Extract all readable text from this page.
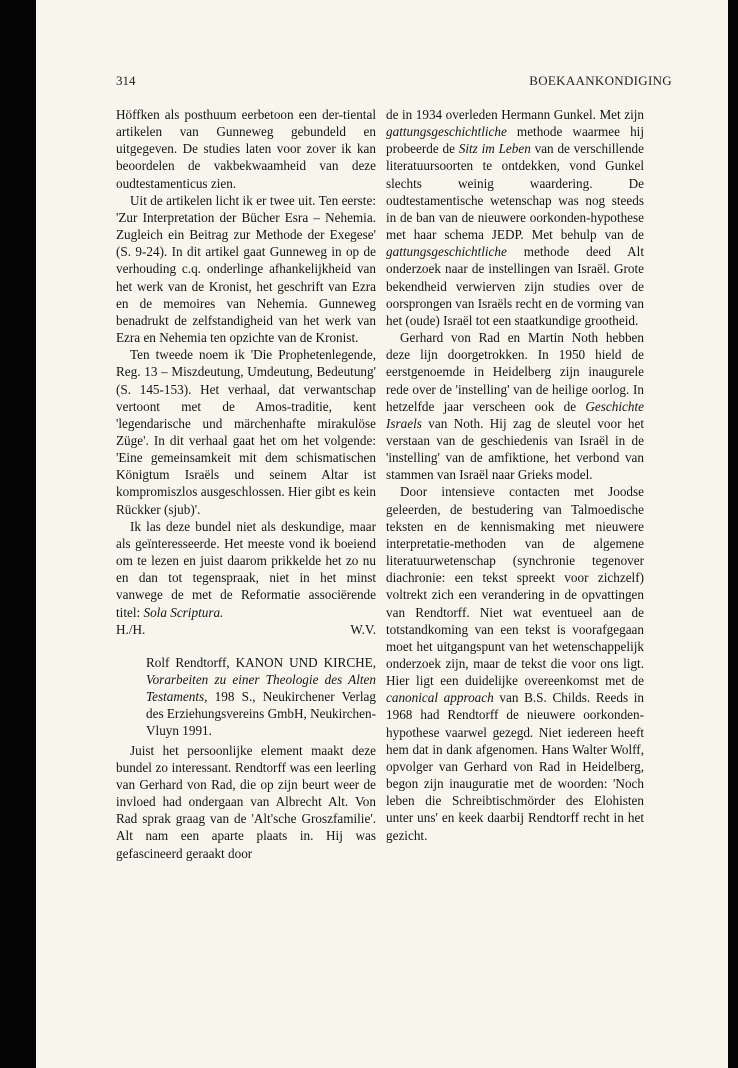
314	BOEKAANKONDIGING

Höffken als posthuum eerbetoon een der-tiental artikelen van Gunneweg gebundeld en uitgegeven. De studies laten voor zover ik kan beoordelen de vakbekwaamheid van deze oudtestamenticus zien.

Uit de artikelen licht ik er twee uit. Ten eerste: 'Zur Interpretation der Bücher Esra – Nehemia. Zugleich ein Beitrag zur Methode der Exegese' (S. 9-24). In dit artikel gaat Gunneweg in op de verhouding c.q. onderlinge afhankelijkheid van het werk van de Kronist, het geschrift van Ezra en de memoires van Nehemia. Gunneweg benadrukt de zelfstandigheid van het werk van Ezra en Nehemia ten opzichte van de Kronist.

Ten tweede noem ik 'Die Prophetenlegende, Reg. 13 – Miszdeutung, Umdeutung, Bedeutung' (S. 145-153). Het verhaal, dat verwantschap vertoont met de Amos-traditie, kent 'legendarische und märchenhafte mirakulöse Züge'. In dit verhaal gaat het om het volgende: 'Eine gemeinsamkeit mit dem schismatischen Königtum Israëls und seinem Altar ist kompromiszlos ausgeschlossen. Hier gibt es kein Rückker (sjub)'.

Ik las deze bundel niet als deskundige, maar als geïnteresseerde. Het meeste vond ik boeiend om te lezen en juist daarom prikkelde het zo nu en dan tot tegenspraak, niet in het minst vanwege de met de Reformatie associërende titel: Sola Scriptura.

H./H.	W.V.

Rolf Rendtorff, KANON UND KIRCHE, Vorarbeiten zu einer Theologie des Alten Testaments, 198 S., Neukirchener Verlag des Erziehungsvereins GmbH, Neukirchen-Vluyn 1991.

Juist het persoonlijke element maakt deze bundel zo interessant. Rendtorff was een leerling van Gerhard von Rad, die op zijn beurt weer de invloed had ondergaan van Albrecht Alt. Von Rad sprak graag van de 'Alt'sche Groszfamilie'. Alt nam een aparte plaats in. Hij was gefascineerd geraakt door

de in 1934 overleden Hermann Gunkel. Met zijn gattungsgeschichtliche methode waarmee hij probeerde de Sitz im Leben van de verschillende literatuursoorten te ontdekken, vond Gunkel slechts weinig waardering. De oudtestamentische wetenschap was nog steeds in de ban van de nieuwere oorkonden-hypothese met haar schema JEDP. Met behulp van de gattungsgeschichtliche methode deed Alt onderzoek naar de instellingen van Israël. Grote bekendheid verwierven zijn studies over de oorsprongen van Israëls recht en de vorming van het (oude) Israël tot een staatkundige grootheid.

Gerhard von Rad en Martin Noth hebben deze lijn doorgetrokken. In 1950 hield de eerstgenoemde in Heidelberg zijn inaugurele rede over de 'instelling' van de heilige oorlog. In hetzelfde jaar verscheen ook de Geschichte Israels van Noth. Hij zag de sleutel voor het verstaan van de geschiedenis van Israël in de 'instelling' van de amfiktione, het verbond van stammen van Israël naar Grieks model.

Door intensieve contacten met Joodse geleerden, de bestudering van Talmoedische teksten en de kennismaking met nieuwere interpretatie-methoden van de algemene literatuurwetenschap (synchronie tegenover diachronie: een tekst spreekt voor zichzelf) voltrekt zich een verandering in de opvattingen van Rendtorff. Niet wat eventueel aan de totstandkoming van een tekst is voorafgegaan moet het uitgangspunt van het wetenschappelijk onderzoek zijn, maar de tekst die voor ons ligt. Hier ligt een duidelijke overeenkomst met de canonical approach van B.S. Childs. Reeds in 1968 had Rendtorff de nieuwere oorkonden-hypothese vaarwel gezegd. Niet iedereen heeft hem dat in dank afgenomen. Hans Walter Wolff, opvolger van Gerhard von Rad in Heidelberg, begon zijn inauguratie met de woorden: 'Noch leben die Schreibtischmörder des Elohisten unter uns' en keek daarbij Rendtorff recht in het gezicht.
